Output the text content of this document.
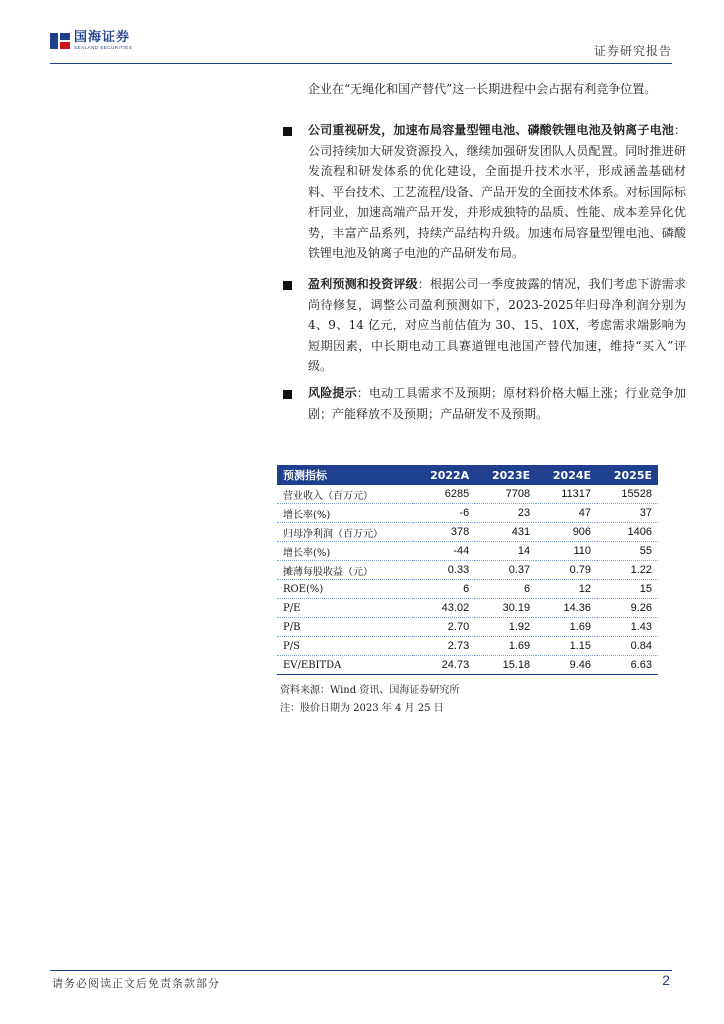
国海证券
SEALAND SECURITIES	证券研究报告
企业在“无绳化和国产替代”这一长期进程中会占据有利竞争位置。
公司重视研发，加速布局容量型锂电池、磷酸铁锂电池及钠离子电池：公司持续加大研发资源投入，继续加强研发团队人员配置。同时推进研发流程和研发体系的优化建设，全面提升技术水平，形成涵盖基础材料、平台技术、工艺流程/设备、产品开发的全面技术体系。对标国际标杆同业，加速高端产品开发，并形成独特的品质、性能、成本差异化优势，丰富产品系列，持续产品结构升级。加速布局容量型锂电池、磷酸铁锂电池及钠离子电池的产品研发布局。
盈利预测和投资评级：根据公司一季度披露的情况，我们考虑下游需求尚待修复，调整公司盈利预测如下，2023-2025年归母净利润分别为 4、9、14 亿元，对应当前估值为 30、15、10X，考虑需求端影响为短期因素，中长期电动工具赛道锂电池国产替代加速，维持“买入”评级。
风险提示：电动工具需求不及预期；原材料价格大幅上涨；行业竞争加剧；产能释放不及预期；产品研发不及预期。
预测指标	2022A	2023E	2024E	2025E
营业收入（百万元）	6285	7708	11317	15528
增长率(%)	-6	23	47	37
归母净利润（百万元）	378	431	906	1406
增长率(%)	-44	14	110	55
摊薄每股收益（元）	0.33	0.37	0.79	1.22
ROE(%)	6	6	12	15
P/E	43.02	30.19	14.36	9.26
P/B	2.70	1.92	1.69	1.43
P/S	2.73	1.69	1.15	0.84
EV/EBITDA	24.73	15.18	9.46	6.63
资料来源：Wind 资讯、国海证券研究所
注：股价日期为 2023 年 4 月 25 日
请务必阅读正文后免责条款部分	2
